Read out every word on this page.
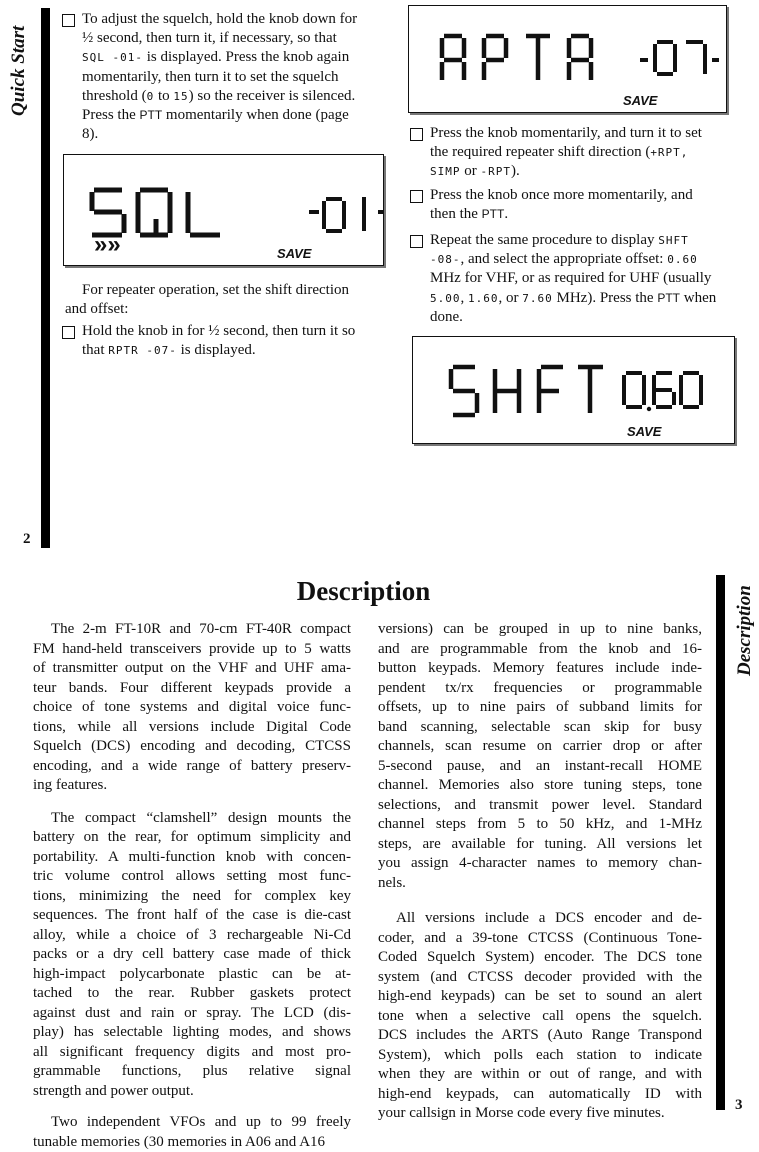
Quick Start
2
To adjust the squelch, hold the knob down for
½ second, then turn it, if necessary, so that
SQL -01- is displayed. Press the knob again
momentarily, then turn it to set the squelch
threshold (0 to 15) so the receiver is silenced.
Press the PTT momentarily when done (page
8).
»»	SAVE
For repeater operation, set the shift direction
and offset:
Hold the knob in for ½ second, then turn it so
that RPTR -07- is displayed.
SAVE
Press the knob momentarily, and turn it to set
the required repeater shift direction (+RPT,
SIMP or -RPT).
Press the knob once more momentarily, and
then the PTT.
Repeat the same procedure to display SHFT
-08-, and select the appropriate offset: 0.60
MHz for VHF, or as required for UHF (usually
5.00, 1.60, or 7.60 MHz). Press the PTT when
done.
SAVE
Description	Description
3
The 2-m FT-10R and 70-cm FT-40R compact
FM hand-held transceivers provide up to 5 watts
of transmitter output on the VHF and UHF ama-
teur bands. Four different keypads provide a
choice of tone systems and digital voice func-
tions, while all versions include Digital Code
Squelch (DCS) encoding and decoding, CTCSS
encoding, and a wide range of battery preserv-
ing features.
The compact “clamshell” design mounts the
battery on the rear, for optimum simplicity and
portability. A multi-function knob with concen-
tric volume control allows setting most func-
tions, minimizing the need for complex key
sequences. The front half of the case is die-cast
alloy, while a choice of 3 rechargeable Ni-Cd
packs or a dry cell battery case made of thick
high-impact polycarbonate plastic can be at-
tached to the rear. Rubber gaskets protect
against dust and rain or spray. The LCD (dis-
play) has selectable lighting modes, and shows
all significant frequency digits and most pro-
grammable functions, plus relative signal
strength and power output.
Two independent VFOs and up to 99 freely
tunable memories (30 memories in A06 and A16
versions) can be grouped in up to nine banks,
and are programmable from the knob and 16-
button keypads. Memory features include inde-
pendent tx/rx frequencies or programmable
offsets, up to nine pairs of subband limits for
band scanning, selectable scan skip for busy
channels, scan resume on carrier drop or after
5-second pause, and an instant-recall HOME
channel. Memories also store tuning steps, tone
selections, and transmit power level. Standard
channel steps from 5 to 50 kHz, and 1-MHz
steps, are available for tuning. All versions let
you assign 4-character names to memory chan-
nels.
All versions include a DCS encoder and de-
coder, and a 39-tone CTCSS (Continuous Tone-
Coded Squelch System) encoder. The DCS tone
system (and CTCSS decoder provided with the
high-end keypads) can be set to sound an alert
tone when a selective call opens the squelch.
DCS includes the ARTS (Auto Range Transpond
System), which polls each station to indicate
when they are within or out of range, and with
high-end keypads, can automatically ID with
your callsign in Morse code every five minutes.
